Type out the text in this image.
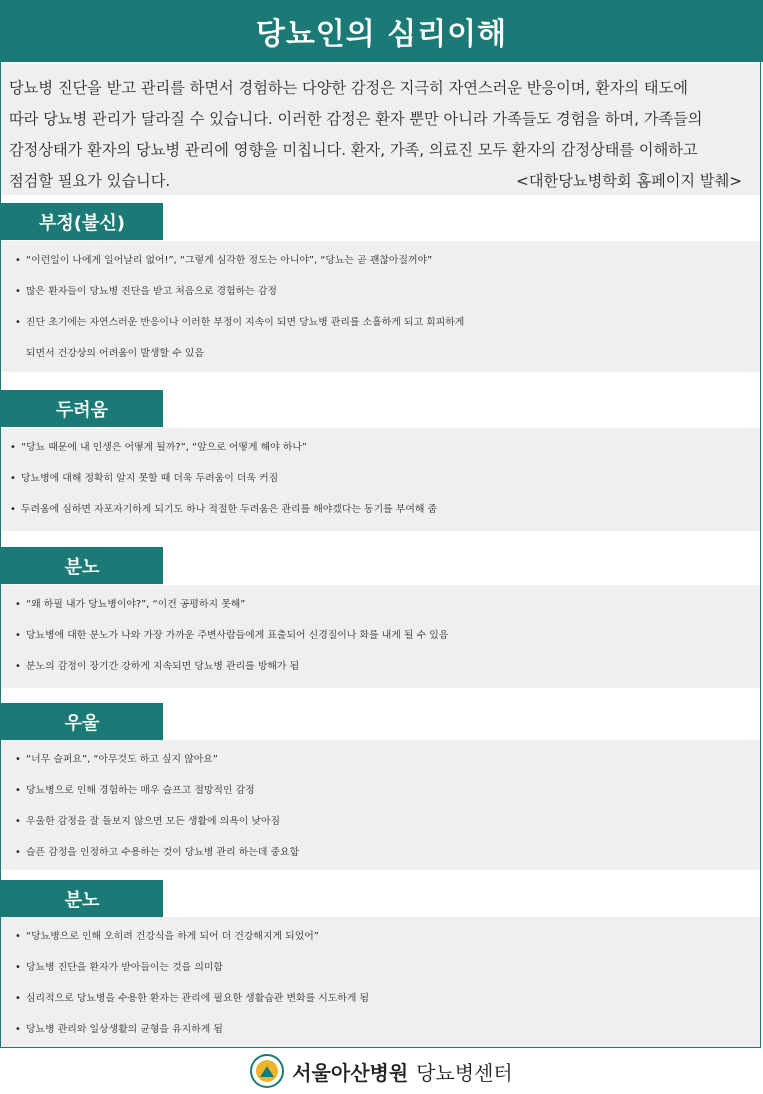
당뇨인의 심리이해
당뇨병 진단을 받고 관리를 하면서 경험하는 다양한 감정은 지극히 자연스러운 반응이며, 환자의 태도에
따라 당뇨병 관리가 달라질 수 있습니다. 이러한 감정은 환자 뿐만 아니라 가족들도 경험을 하며, 가족들의
감정상태가 환자의 당뇨병 관리에 영향을 미칩니다. 환자, 가족, 의료진 모두 환자의 감정상태를 이해하고
점검할 필요가 있습니다.	<대한당뇨병학회 홈페이지 발췌>
부정(불신)
• “이런일이 나에게 일어날리 없어!”, “그렇게 심각한 정도는 아니야”, “당뇨는 곧 괜찮아질꺼야”
• 많은 환자들이 당뇨병 진단을 받고 처음으로 경험하는 감정
• 진단 초기에는 자연스러운 반응이나 이러한 부정이 지속이 되면 당뇨병 관리를 소홀하게 되고 회피하게
되면서 건강상의 어려움이 발생할 수 있음
두려움
• “당뇨 때문에 내 인생은 어떻게 될까?”, “앞으로 어떻게 해야 하나”
• 당뇨병에 대해 정확히 알지 못할 때 더욱 두려움이 더욱 커짐
• 두려움에 심하면 자포자기하게 되기도 하나 적절한 두려움은 관리를 해야겠다는 동기를 부여해 줌
분노
• “왜 하필 내가 당뇨병이야?”, “이건 공평하지 못해”
• 당뇨병에 대한 분노가 나와 가장 가까운 주변사람들에게 표출되어 신경질이나 화를 내게 될 수 있음
• 분노의 감정이 장기간 강하게 지속되면 당뇨병 관리를 방해가 됨
우울
• “너무 슬퍼요”, “아무것도 하고 싶지 않아요”
• 당뇨병으로 인해 경험하는 매우 슬프고 절망적인 감정
• 우울한 감정을 잘 돌보지 않으면 모든 생활에 의욕이 낮아짐
• 슬픈 감정을 인정하고 수용하는 것이 당뇨병 관리 하는데 중요함
분노
• “당뇨병으로 인해 오히려 건강식을 하게 되어 더 건강해지게 되었어”
• 당뇨병 진단을 환자가 받아들이는 것을 의미함
• 심리적으로 당뇨병을 수용한 환자는 관리에 필요한 생활습관 변화를 시도하게 됨
• 당뇨병 관리와 일상생활의 균형을 유지하게 됨
서울아산병원 당뇨병센터
